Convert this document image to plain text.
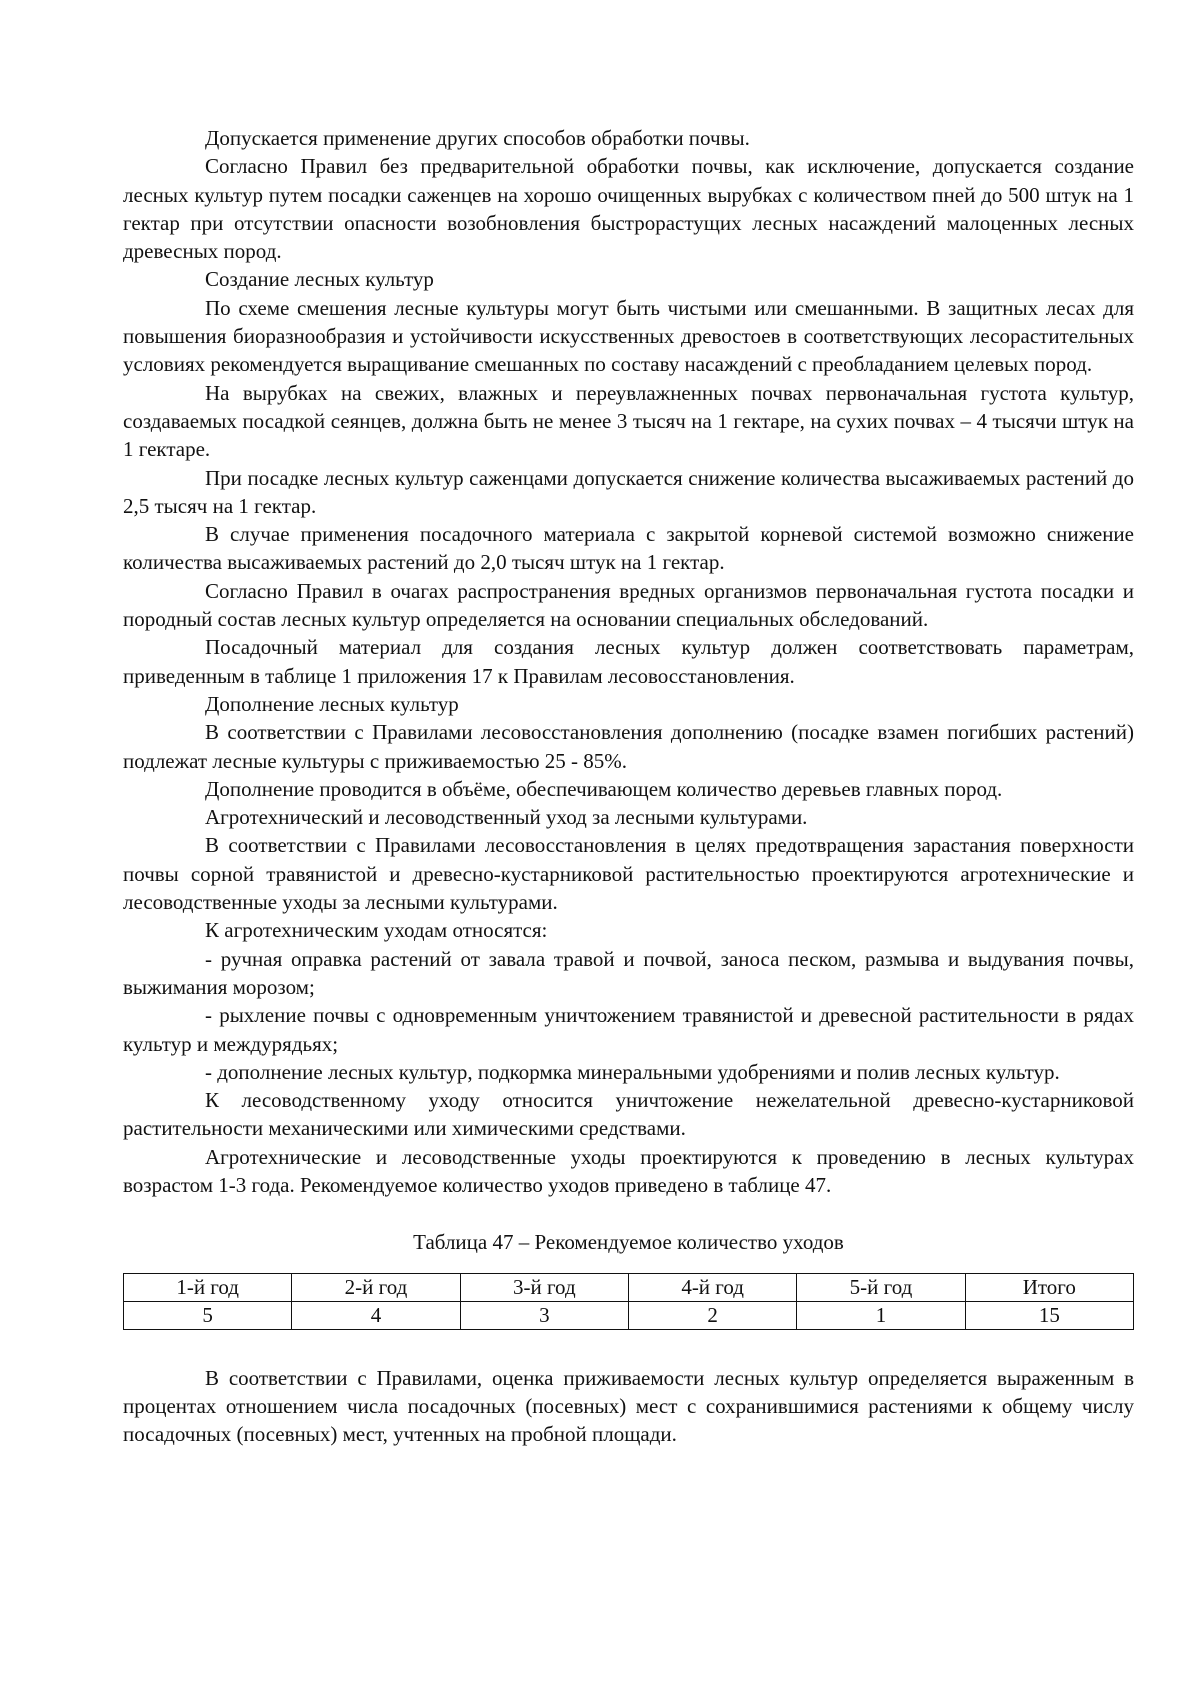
Допускается применение других способов обработки почвы.

Согласно Правил без предварительной обработки почвы, как исключение, допускается создание лесных культур путем посадки саженцев на хорошо очищенных вырубках с количеством пней до 500 штук на 1 гектар при отсутствии опасности возобновления быстрорастущих лесных насаждений малоценных лесных древесных пород.

Создание лесных культур

По схеме смешения лесные культуры могут быть чистыми или смешанными. В защитных лесах для повышения биоразнообразия и устойчивости искусственных древостоев в соответствующих лесорастительных условиях рекомендуется выращивание смешанных по составу насаждений с преобладанием целевых пород.

На вырубках на свежих, влажных и переувлажненных почвах первоначальная густота культур, создаваемых посадкой сеянцев, должна быть не менее 3 тысяч на 1 гектаре, на сухих почвах – 4 тысячи штук на 1 гектаре.

При посадке лесных культур саженцами допускается снижение количества высаживаемых растений до 2,5 тысяч на 1 гектар.

В случае применения посадочного материала с закрытой корневой системой возможно снижение количества высаживаемых растений до 2,0 тысяч штук на 1 гектар.

Согласно Правил в очагах распространения вредных организмов первоначальная густота посадки и породный состав лесных культур определяется на основании специальных обследований.

Посадочный материал для создания лесных культур должен соответствовать параметрам, приведенным в таблице 1 приложения 17 к Правилам лесовосстановления.

Дополнение лесных культур

В соответствии с Правилами лесовосстановления дополнению (посадке взамен погибших растений) подлежат лесные культуры с приживаемостью 25 - 85%.

Дополнение проводится в объёме, обеспечивающем количество деревьев главных пород.

Агротехнический и лесоводственный уход за лесными культурами.

В соответствии с Правилами лесовосстановления в целях предотвращения зарастания поверхности почвы сорной травянистой и древесно-кустарниковой растительностью проектируются агротехнические и лесоводственные уходы за лесными культурами.

К агротехническим уходам относятся:

- ручная оправка растений от завала травой и почвой, заноса песком, размыва и выдувания почвы, выжимания морозом;

- рыхление почвы с одновременным уничтожением травянистой и древесной растительности в рядах культур и междурядьях;

- дополнение лесных культур, подкормка минеральными удобрениями и полив лесных культур.

К лесоводственному уходу относится уничтожение нежелательной древесно-кустарниковой растительности механическими или химическими средствами.

Агротехнические и лесоводственные уходы проектируются к проведению в лесных культурах возрастом 1-3 года. Рекомендуемое количество уходов приведено в таблице 47.

Таблица 47 – Рекомендуемое количество уходов

1-й год	2-й год	3-й год	4-й год	5-й год	Итого
5	4	3	2	1	15

В соответствии с Правилами, оценка приживаемости лесных культур определяется выраженным в процентах отношением числа посадочных (посевных) мест с сохранившимися растениями к общему числу посадочных (посевных) мест, учтенных на пробной площади.
